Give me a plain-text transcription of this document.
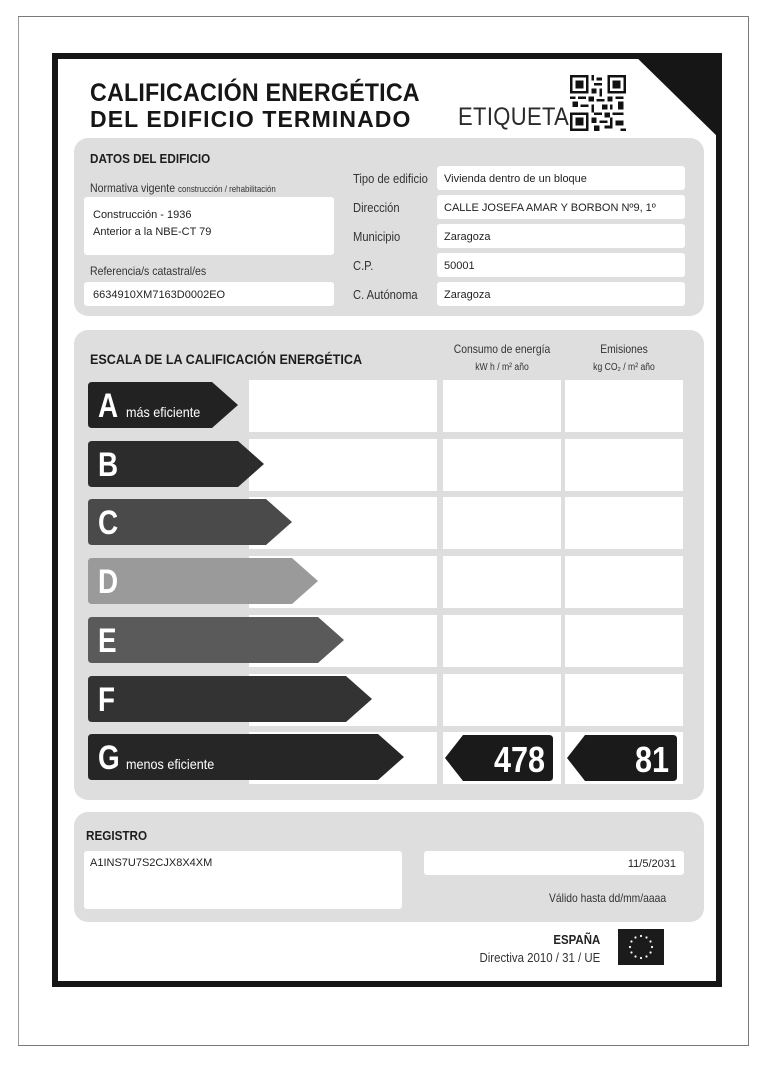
CALIFICACIÓN ENERGÉTICA
DEL EDIFICIO TERMINADO ETIQUETA
DATOS DEL EDIFICIO
Normativa vigente construcción / rehabilitación
Construcción - 1936
Anterior a la NBE-CT 79
Referencia/s catastral/es
6634910XM7163D0002EO
Tipo de edificio Vivienda dentro de un bloque
Dirección	CALLE JOSEFA AMAR Y BORBON Nº9, 1º
Municipio	Zaragoza
C.P.	50001
C. Autónoma Zaragoza
ESCALA DE LA CALIFICACIÓN ENERGÉTICA
Consumo de energía
kW h / m² año
Emisiones
kg CO₂ / m² año
A más eficiente
B
C
D
E
F
G menos eficiente	478 81
REGISTRO
A1INS7U7S2CJX8X4XM	11/5/2031
Válido hasta dd/mm/aaaa
ESPAÑA
Directiva 2010 / 31 / UE
